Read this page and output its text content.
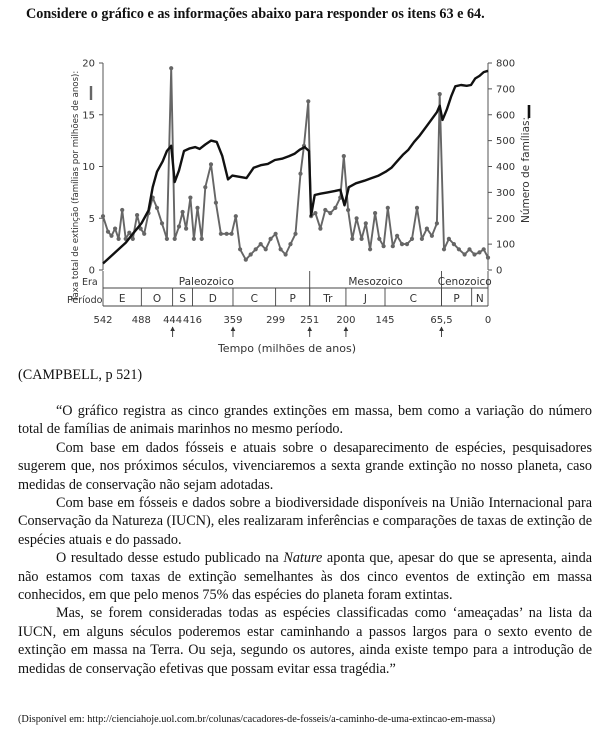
Considere o gráfico e as informações abaixo para responder os itens 63 e 64.
0
5
10
15
20
0
100
200
300
400
500
600
700
800
Era
Período
Paleozoico	Mesozoico	Cenozoico
E	O S D	C	P	Tr	J	C	P N
542 488 444 416 359 299 251 200 145	65,5	0
Taxa total de extinção (famílias por milhões de anos):	Número de famílias:
Tempo (milhões de anos)
(CAMPBELL, p 521)

“O gráfico registra as cinco grandes extinções em massa, bem como a variação do número total de famílias de animais marinhos no mesmo período.

Com base em dados fósseis e atuais sobre o desaparecimento de espécies, pesquisadores sugerem que, nos próximos séculos, vivenciaremos a sexta grande extinção no nosso planeta, caso medidas de conservação não sejam adotadas.

Com base em fósseis e dados sobre a biodiversidade disponíveis na União Internacional para Conservação da Natureza (IUCN), eles realizaram inferências e comparações de taxas de extinção de espécies atuais e do passado.

O resultado desse estudo publicado na Nature aponta que, apesar do que se apresenta, ainda não estamos com taxas de extinção semelhantes às dos cinco eventos de extinção em massa conhecidos, em que pelo menos 75% das espécies do planeta foram extintas.

Mas, se forem consideradas todas as espécies classificadas como ‘ameaçadas’ na lista da IUCN, em alguns séculos poderemos estar caminhando a passos largos para o sexto evento de extinção em massa na Terra. Ou seja, segundo os autores, ainda existe tempo para a introdução de medidas de conservação efetivas que possam evitar essa tragédia.”

(Disponível em: http://cienciahoje.uol.com.br/colunas/cacadores-de-fosseis/a-caminho-de-uma-extincao-em-massa)
